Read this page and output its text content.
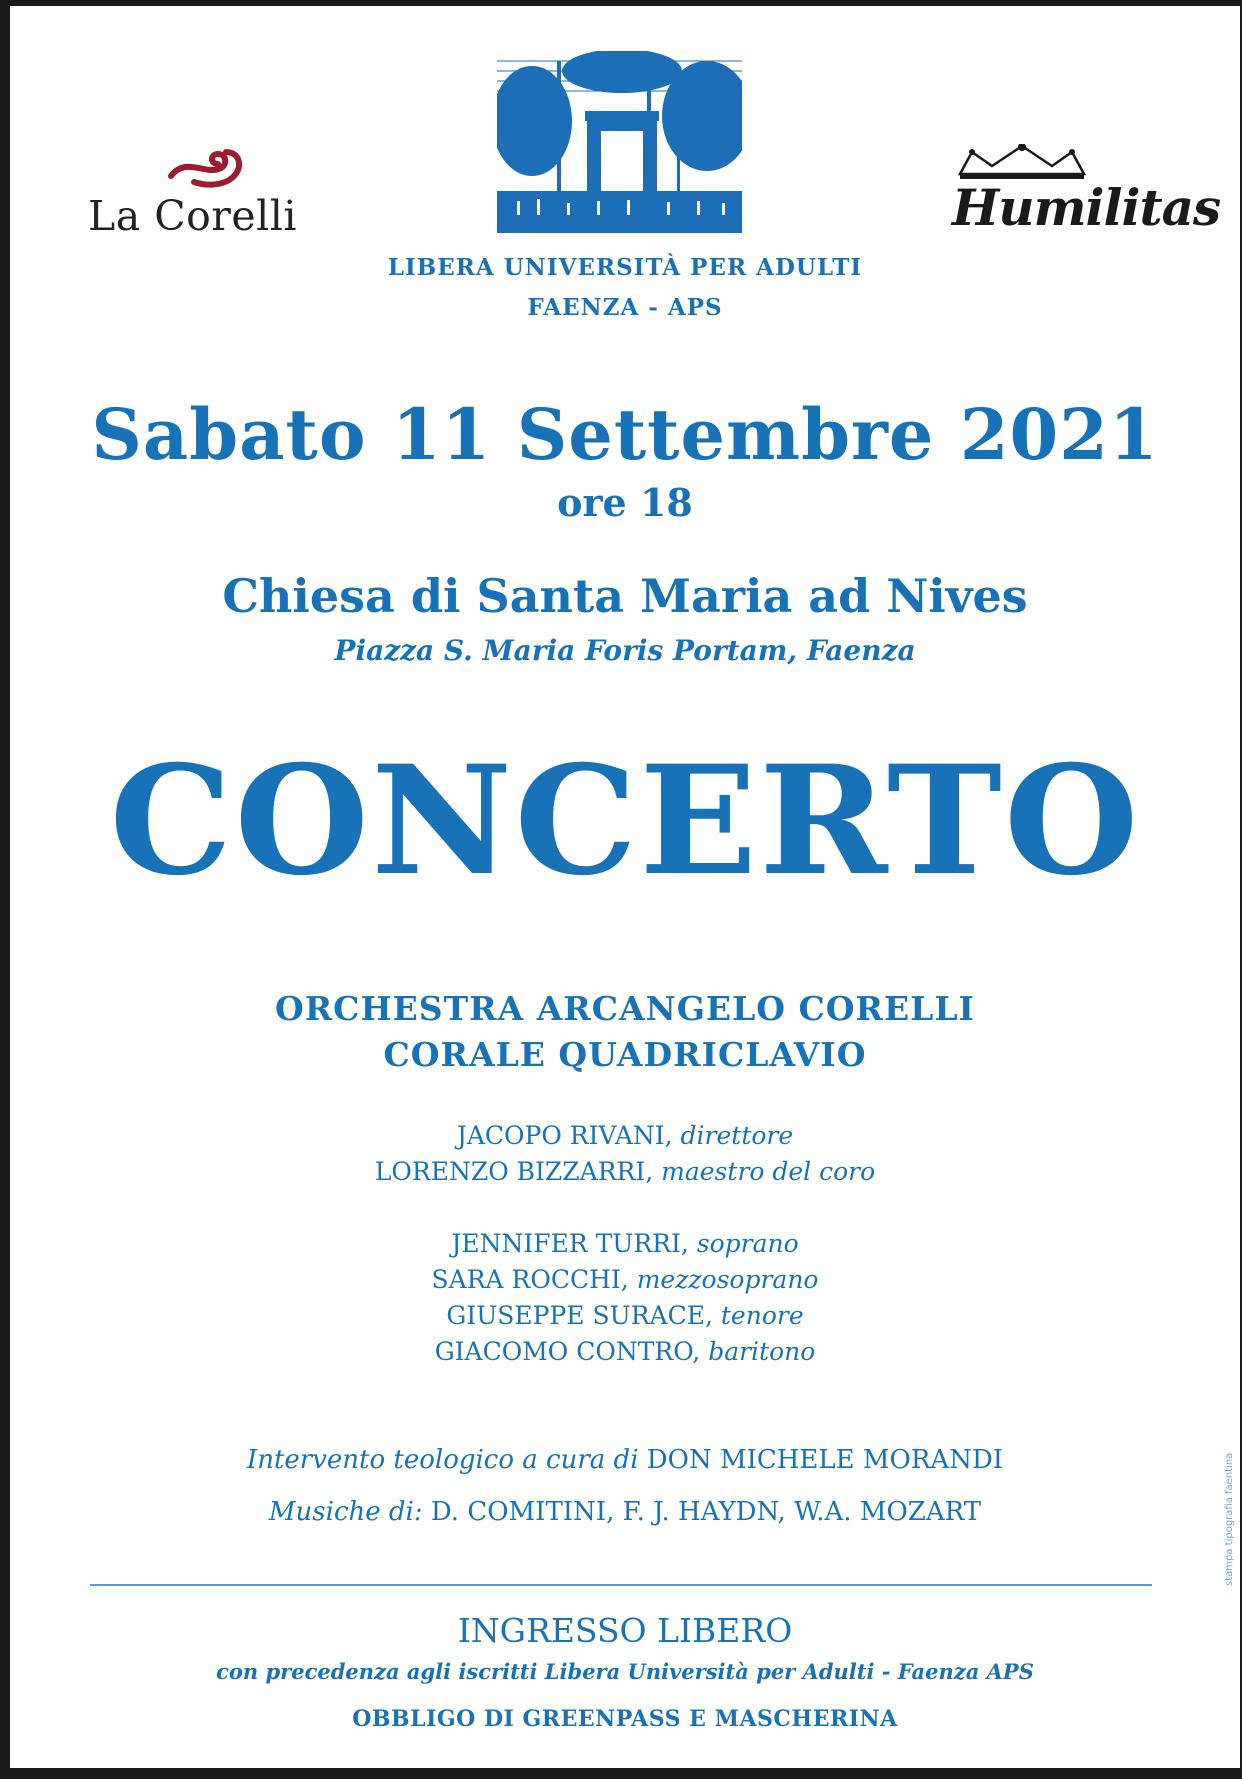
La Corelli	Humilitas
LIBERA UNIVERSITÀ PER ADULTI
FAENZA - APS
Sabato 11 Settembre 2021
ore 18
Chiesa di Santa Maria ad Nives
Piazza S. Maria Foris Portam, Faenza
CONCERTO
ORCHESTRA ARCANGELO CORELLI
CORALE QUADRICLAVIO
JACOPO RIVANI, direttore
LORENZO BIZZARRI, maestro del coro
JENNIFER TURRI, soprano
SARA ROCCHI, mezzosoprano
GIUSEPPE SURACE, tenore
GIACOMO CONTRO, baritono
Intervento teologico a cura di DON MICHELE MORANDI
Musiche di: D. COMITINI, F. J. HAYDN, W.A. MOZART
INGRESSO LIBERO
con precedenza agli iscritti Libera Università per Adulti - Faenza APS
OBBLIGO DI GREENPASS E MASCHERINA
stampa tipografia faentina
